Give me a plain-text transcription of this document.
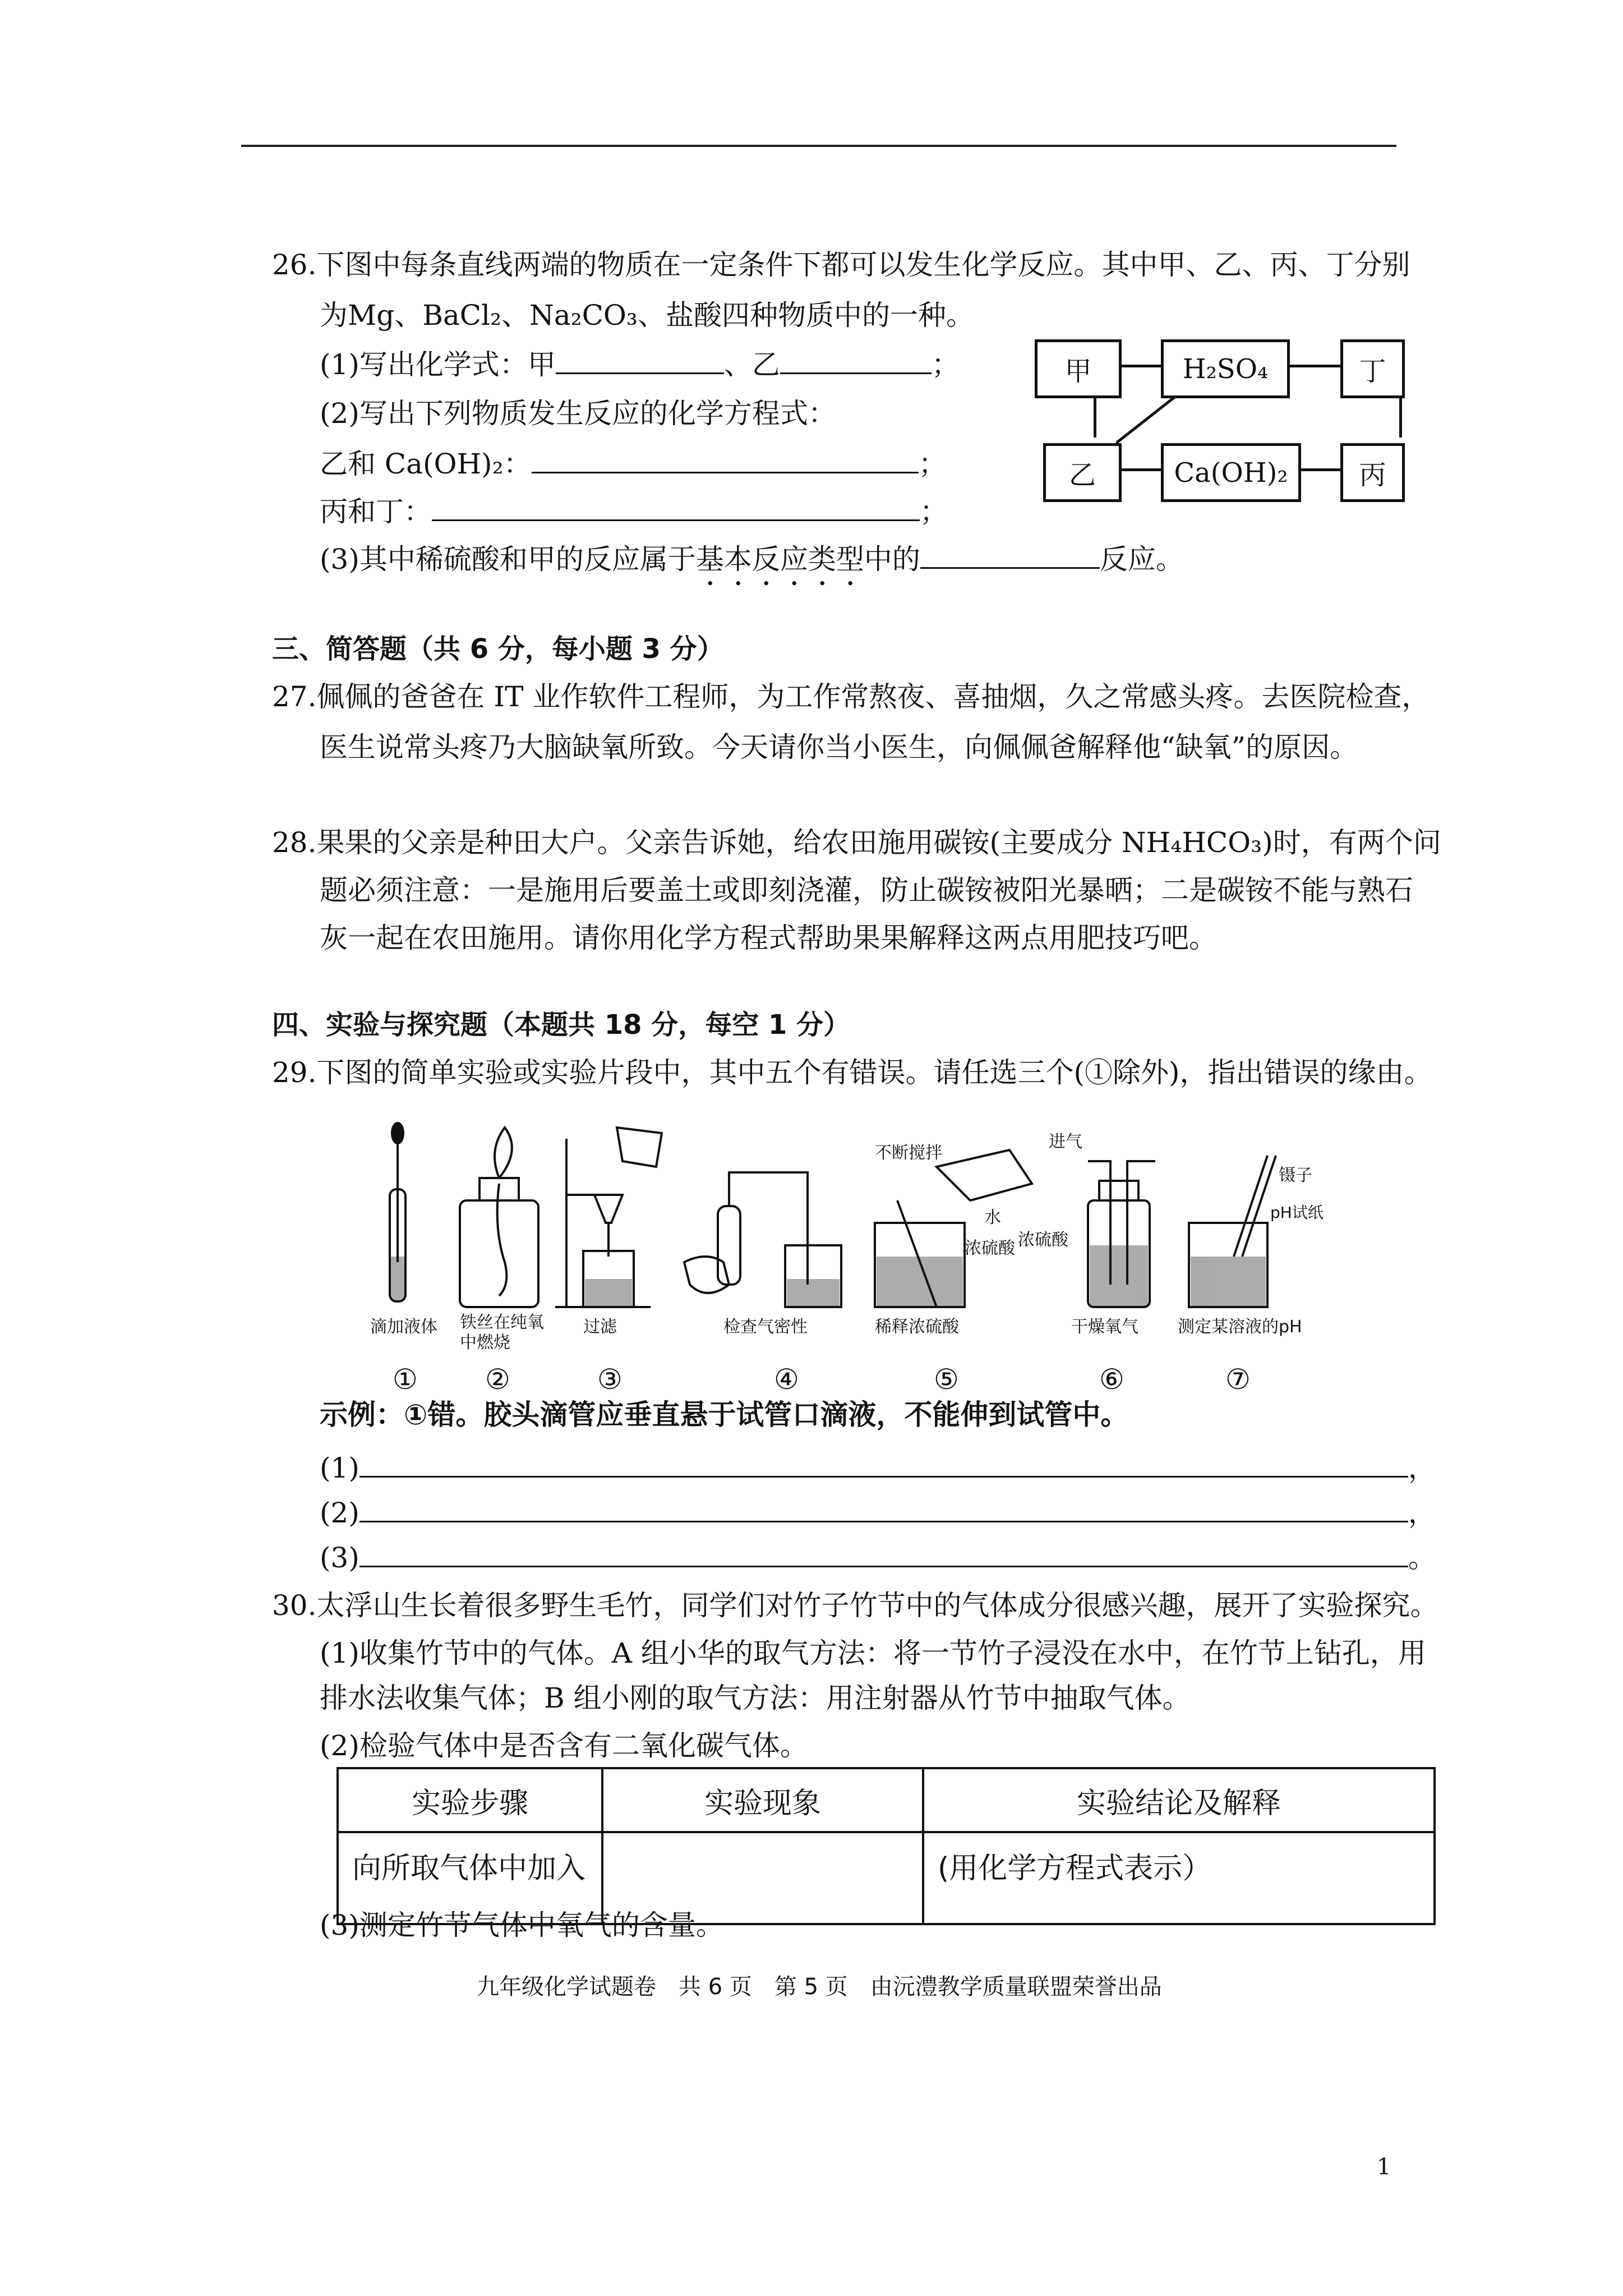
26.下图中每条直线两端的物质在一定条件下都可以发生化学反应。其中甲、乙、丙、丁分别
为Mg、BaCl₂、Na₂CO₃、盐酸四种物质中的一种。
(1)写出化学式：甲	、乙	；
(2)写出下列物质发生反应的化学方程式：
乙和 Ca(OH)₂：	；
丙和丁：	；
(3)其中稀硫酸和甲的反应属于基本反应类型中的	反应。
甲	H₂SO₄	丁
乙	Ca(OH)₂	丙
三、简答题（共 6 分，每小题 3 分）
27.佩佩的爸爸在 IT 业作软件工程师，为工作常熬夜、喜抽烟，久之常感头疼。去医院检查，
医生说常头疼乃大脑缺氧所致。今天请你当小医生，向佩佩爸解释他“缺氧”的原因。
28.果果的父亲是种田大户。父亲告诉她，给农田施用碳铵(主要成分 NH₄HCO₃)时，有两个问
题必须注意：一是施用后要盖土或即刻浇灌，防止碳铵被阳光暴晒；二是碳铵不能与熟石
灰一起在农田施用。请你用化学方程式帮助果果解释这两点用肥技巧吧。
四、实验与探究题（本题共 18 分，每空 1 分）
29.下图的简单实验或实验片段中，其中五个有错误。请任选三个(①除外)，指出错误的缘由。
不断搅拌
水
浓硫酸
进气
浓硫酸
镊子
pH试纸
滴加液体 铁丝在纯氧中燃烧
过滤	检查气密性	稀释浓硫酸	干燥氧气 测定某溶液的pH
① ②	③	④	⑤	⑥	⑦
示例：①错。胶头滴管应垂直悬于试管口滴液，不能伸到试管中。
(1)	，
(2)	，
(3)	。
30.太浮山生长着很多野生毛竹，同学们对竹子竹节中的气体成分很感兴趣，展开了实验探究。
(1)收集竹节中的气体。A 组小华的取气方法：将一节竹子浸没在水中，在竹节上钻孔，用
排水法收集气体；B 组小刚的取气方法：用注射器从竹节中抽取气体。
(2)检验气体中是否含有二氧化碳气体。
实验步骤	实验现象	实验结论及解释
向所取气体中加入		(用化学方程式表示）
(3)测定竹节气体中氧气的含量。
九年级化学试题卷　共 6 页　第 5 页　由沅澧教学质量联盟荣誉出品
1
